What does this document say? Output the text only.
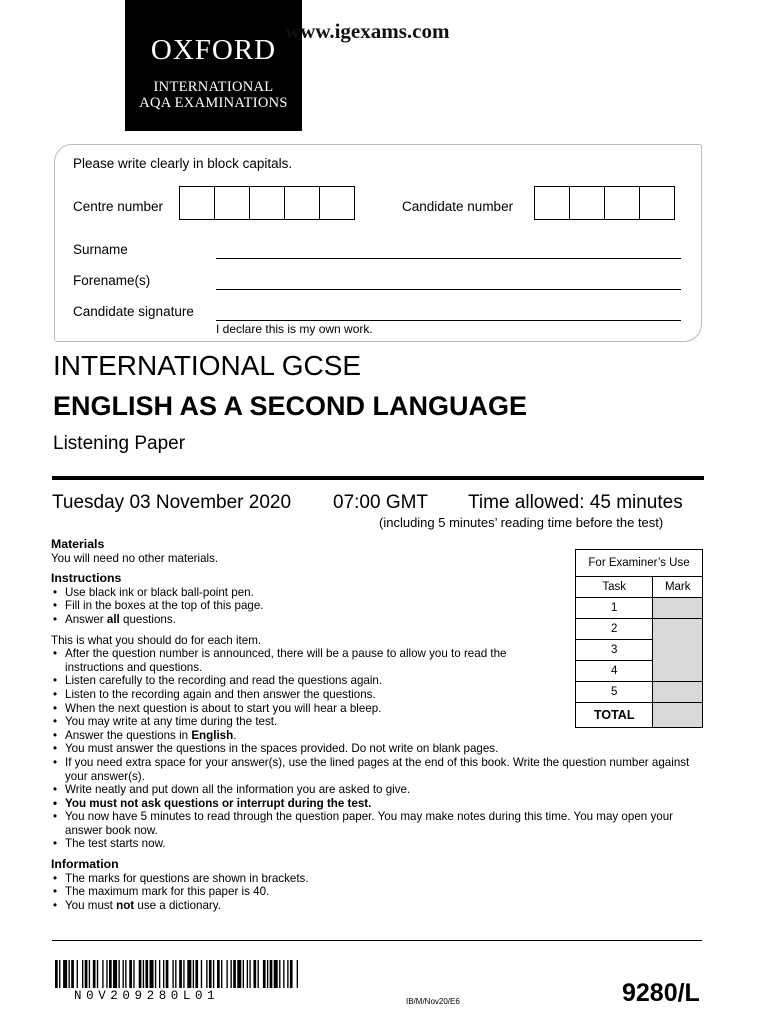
OXFORD
INTERNATIONAL
AQA EXAMINATIONS
www.igexams.com
Please write clearly in block capitals.
Centre number	Candidate number
Surname
Forename(s)
Candidate signature
I declare this is my own work.
INTERNATIONAL GCSE
ENGLISH AS A SECOND LANGUAGE
Listening Paper
Tuesday 03 November 2020 07:00 GMT Time allowed: 45 minutes
(including 5 minutes’ reading time before the test)
Materials

You will need no other materials.

Instructions
• Use black ink or black ball-point pen.
• Fill in the boxes at the top of this page.
• Answer all questions.

This is what you should do for each item.

• After the question number is announced, there will be a pause to allow you to read the instructions and questions.
• Listen carefully to the recording and read the questions again.
• Listen to the recording again and then answer the questions.
• When the next question is about to start you will hear a bleep.
• You may write at any time during the test.
• Answer the questions in English.
• You must answer the questions in the spaces provided. Do not write on blank pages.
• If you need extra space for your answer(s), use the lined pages at the end of this book. Write the question number against your answer(s).
• Write neatly and put down all the information you are asked to give.
• You must not ask questions or interrupt during the test.
• You now have 5 minutes to read through the question paper. You may make notes during this time. You may open your answer book now.
• The test starts now.
Information
• The marks for questions are shown in brackets.
• The maximum mark for this paper is 40.
• You must not use a dictionary.
For Examiner’s Use	
Task	Mark
1	
2	
3	
4	
5	
TOTAL	
N0V209280L01	IB/M/Nov20/E6	9280/L
